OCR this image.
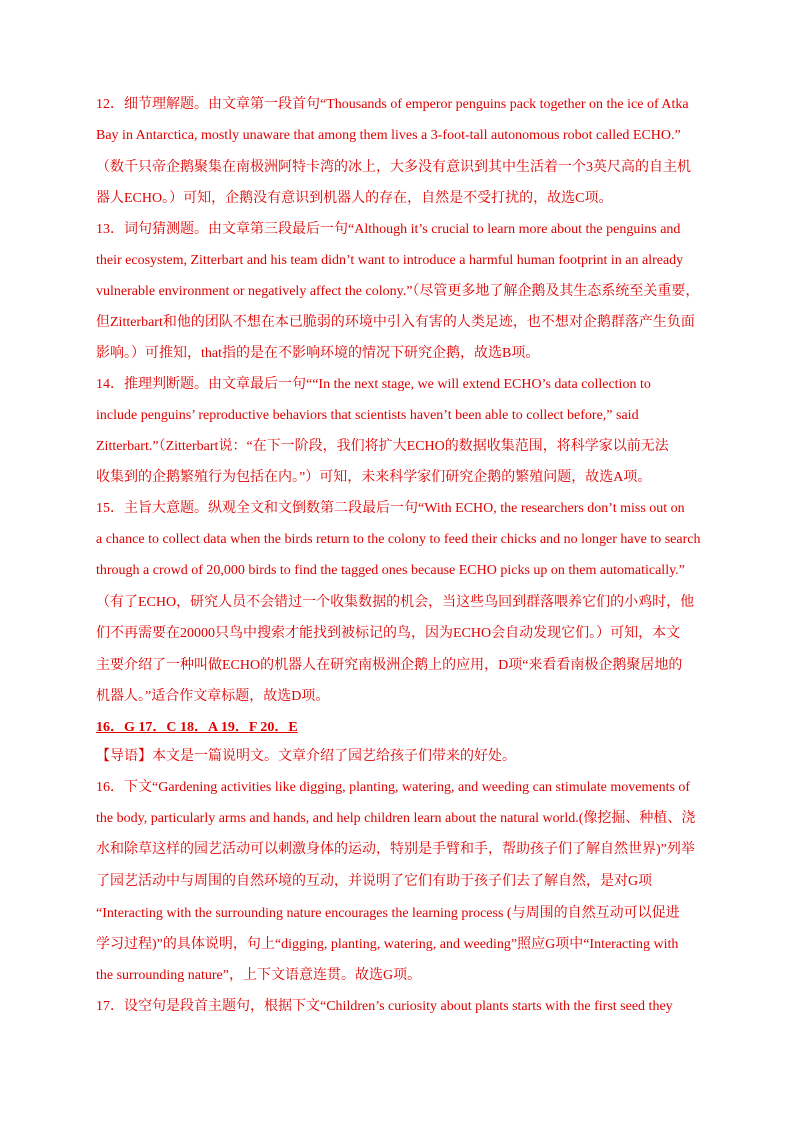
12．细节理解题。由文章第一段首句“Thousands of emperor penguins pack together on the ice of Atka
Bay in Antarctica, mostly unaware that among them lives a 3-foot-tall autonomous robot called ECHO.”
（数千只帝企鹅聚集在南极洲阿特卡湾的冰上，大多没有意识到其中生活着一个3英尺高的自主机
器人ECHO。）可知，企鹅没有意识到机器人的存在，自然是不受打扰的，故选C项。
13．词句猜测题。由文章第三段最后一句“Although it’s crucial to learn more about the penguins and
their ecosystem, Zitterbart and his team didn’t want to introduce a harmful human footprint in an already
vulnerable environment or negatively affect the colony.”（尽管更多地了解企鹅及其生态系统至关重要，
但Zitterbart和他的团队不想在本已脆弱的环境中引入有害的人类足迹，也不想对企鹅群落产生负面
影响。）可推知，that指的是在不影响环境的情况下研究企鹅，故选B项。
14．推理判断题。由文章最后一句““In the next stage, we will extend ECHO’s data collection to
include penguins’ reproductive behaviors that scientists haven’t been able to collect before,” said
Zitterbart.”（Zitterbart说：“在下一阶段，我们将扩大ECHO的数据收集范围，将科学家以前无法
收集到的企鹅繁殖行为包括在内。”）可知，未来科学家们研究企鹅的繁殖问题，故选A项。
15．主旨大意题。纵观全文和文倒数第二段最后一句“With ECHO, the researchers don’t miss out on
a chance to collect data when the birds return to the colony to feed their chicks and no longer have to search
through a crowd of 20,000 birds to find the tagged ones because ECHO picks up on them automatically.”
（有了ECHO，研究人员不会错过一个收集数据的机会，当这些鸟回到群落喂养它们的小鸡时，他
们不再需要在20000只鸟中搜索才能找到被标记的鸟，因为ECHO会自动发现它们。）可知，本文
主要介绍了一种叫做ECHO的机器人在研究南极洲企鹅上的应用，D项“来看看南极企鹅聚居地的
机器人。”适合作文章标题，故选D项。
16．G 17．C 18．A 19．F 20．E
【导语】本文是一篇说明文。文章介绍了园艺给孩子们带来的好处。
16．下文“Gardening activities like digging, planting, watering, and weeding can stimulate movements of
the body, particularly arms and hands, and help children learn about the natural world.(像挖掘、种植、浇
水和除草这样的园艺活动可以刺激身体的运动，特别是手臂和手，帮助孩子们了解自然世界)”列举
了园艺活动中与周围的自然环境的互动，并说明了它们有助于孩子们去了解自然，是对G项
“Interacting with the surrounding nature encourages the learning process (与周围的自然互动可以促进
学习过程)”的具体说明，句上“digging, planting, watering, and weeding”照应G项中“Interacting with
the surrounding nature”，上下文语意连贯。故选G项。
17．设空句是段首主题句，根据下文“Children’s curiosity about plants starts with the first seed they
